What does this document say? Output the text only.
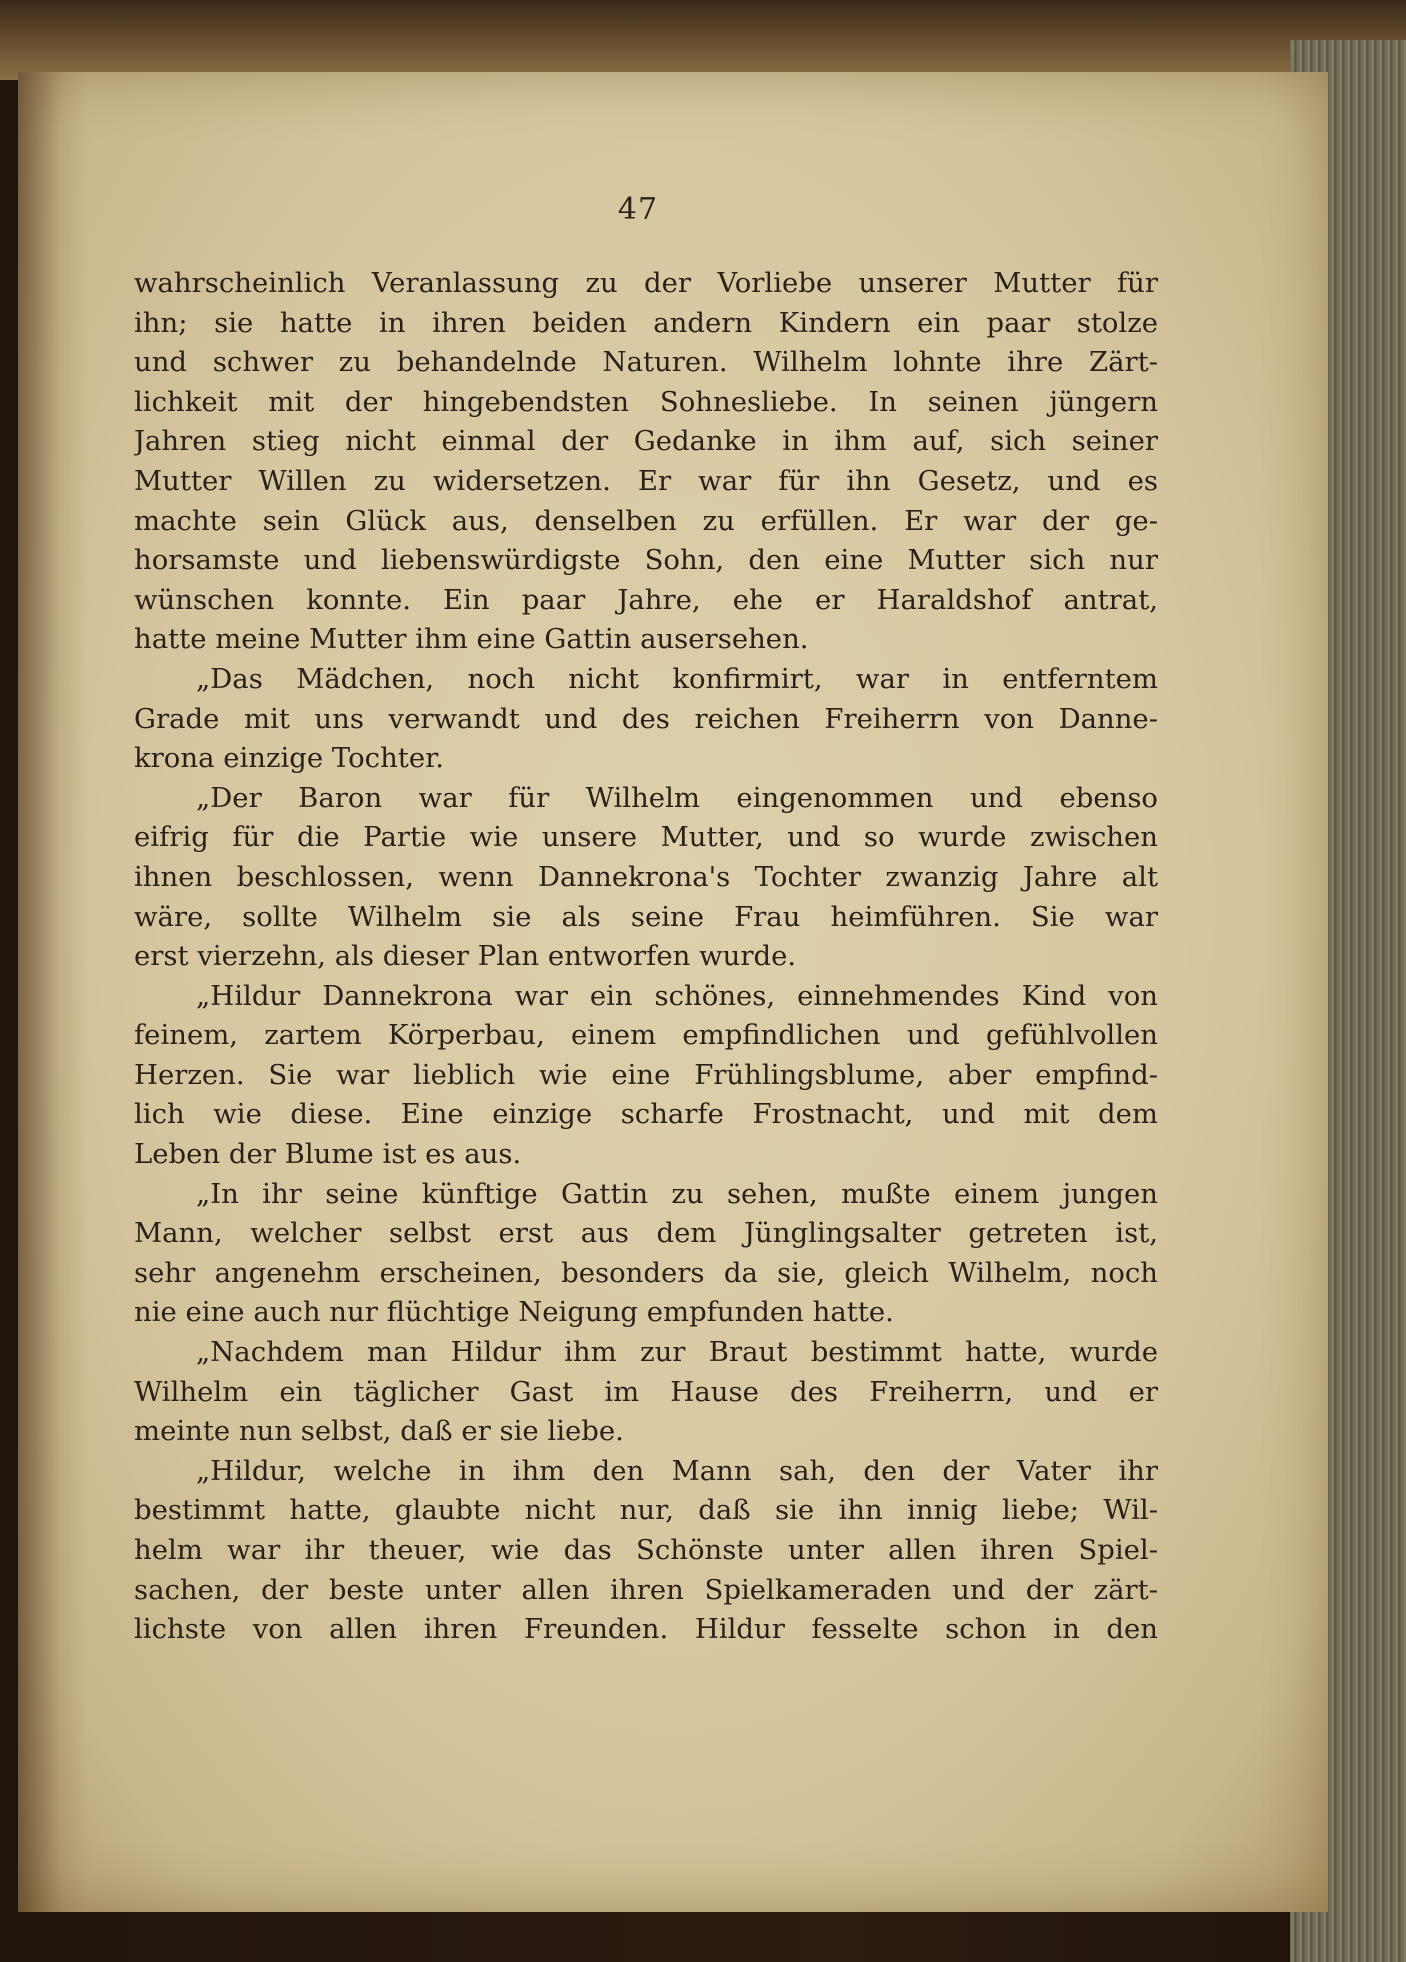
47
wahrscheinlich Veranlassung zu der Vorliebe unserer Mutter für
ihn; sie hatte in ihren beiden andern Kindern ein paar stolze
und schwer zu behandelnde Naturen. Wilhelm lohnte ihre Zärt-
lichkeit mit der hingebendsten Sohnesliebe. In seinen jüngern
Jahren stieg nicht einmal der Gedanke in ihm auf, sich seiner
Mutter Willen zu widersetzen. Er war für ihn Gesetz, und es
machte sein Glück aus, denselben zu erfüllen. Er war der ge-
horsamste und liebenswürdigste Sohn, den eine Mutter sich nur
wünschen konnte. Ein paar Jahre, ehe er Haraldshof antrat,
hatte meine Mutter ihm eine Gattin ausersehen.
„Das Mädchen, noch nicht konfirmirt, war in entferntem
Grade mit uns verwandt und des reichen Freiherrn von Danne-
krona einzige Tochter.
„Der Baron war für Wilhelm eingenommen und ebenso
eifrig für die Partie wie unsere Mutter, und so wurde zwischen
ihnen beschlossen, wenn Dannekrona's Tochter zwanzig Jahre alt
wäre, sollte Wilhelm sie als seine Frau heimführen. Sie war
erst vierzehn, als dieser Plan entworfen wurde.
„Hildur Dannekrona war ein schönes, einnehmendes Kind von
feinem, zartem Körperbau, einem empfindlichen und gefühlvollen
Herzen. Sie war lieblich wie eine Frühlingsblume, aber empfind-
lich wie diese. Eine einzige scharfe Frostnacht, und mit dem
Leben der Blume ist es aus.
„In ihr seine künftige Gattin zu sehen, mußte einem jungen
Mann, welcher selbst erst aus dem Jünglingsalter getreten ist,
sehr angenehm erscheinen, besonders da sie, gleich Wilhelm, noch
nie eine auch nur flüchtige Neigung empfunden hatte.
„Nachdem man Hildur ihm zur Braut bestimmt hatte, wurde
Wilhelm ein täglicher Gast im Hause des Freiherrn, und er
meinte nun selbst, daß er sie liebe.
„Hildur, welche in ihm den Mann sah, den der Vater ihr
bestimmt hatte, glaubte nicht nur, daß sie ihn innig liebe; Wil-
helm war ihr theuer, wie das Schönste unter allen ihren Spiel-
sachen, der beste unter allen ihren Spielkameraden und der zärt-
lichste von allen ihren Freunden. Hildur fesselte schon in den
